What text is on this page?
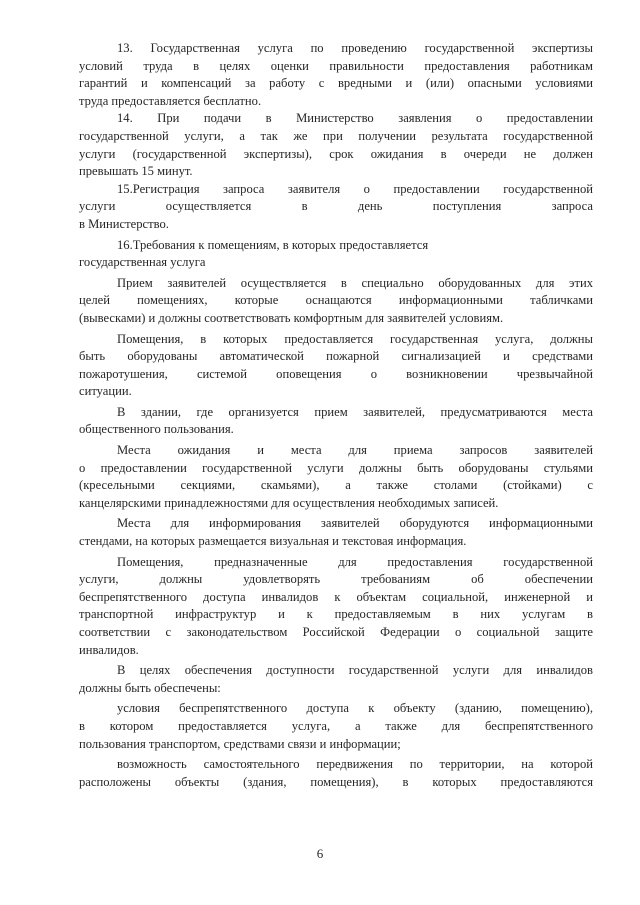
13. Государственная услуга по проведению государственной экспертизы
условий труда в целях оценки правильности предоставления работникам
гарантий и компенсаций за работу с вредными и (или) опасными условиями
труда предоставляется бесплатно.
14. При подачи в Министерство заявления о предоставлении
государственной услуги, а так же при получении результата государственной
услуги (государственной экспертизы), срок ожидания в очереди не должен
превышать 15 минут.
15.Регистрация запроса заявителя о предоставлении государственной
услуги осуществляется в день поступления запроса
в Министерство.
16.Требования к помещениям, в которых предоставляется
государственная услуга
Прием заявителей осуществляется в специально оборудованных для этих
целей помещениях, которые оснащаются информационными табличками
(вывесками) и должны соответствовать комфортным для заявителей условиям.
Помещения, в которых предоставляется государственная услуга, должны
быть оборудованы автоматической пожарной сигнализацией и средствами
пожаротушения, системой оповещения о возникновении чрезвычайной
ситуации.
В здании, где организуется прием заявителей, предусматриваются места
общественного пользования.
Места ожидания и места для приема запросов заявителей
о предоставлении государственной услуги должны быть оборудованы стульями
(кресельными секциями, скамьями), а также столами (стойками) с
канцелярскими принадлежностями для осуществления необходимых записей.
Места для информирования заявителей оборудуются информационными
стендами, на которых размещается визуальная и текстовая информация.
Помещения, предназначенные для предоставления государственной
услуги, должны удовлетворять требованиям об обеспечении
беспрепятственного доступа инвалидов к объектам социальной, инженерной и
транспортной инфраструктур и к предоставляемым в них услугам в
соответствии с законодательством Российской Федерации о социальной защите
инвалидов.
В целях обеспечения доступности государственной услуги для инвалидов
должны быть обеспечены:
условия беспрепятственного доступа к объекту (зданию, помещению),
в котором предоставляется услуга, а также для беспрепятственного
пользования транспортом, средствами связи и информации;
возможность самостоятельного передвижения по территории, на которой
расположены объекты (здания, помещения), в которых предоставляются
6
